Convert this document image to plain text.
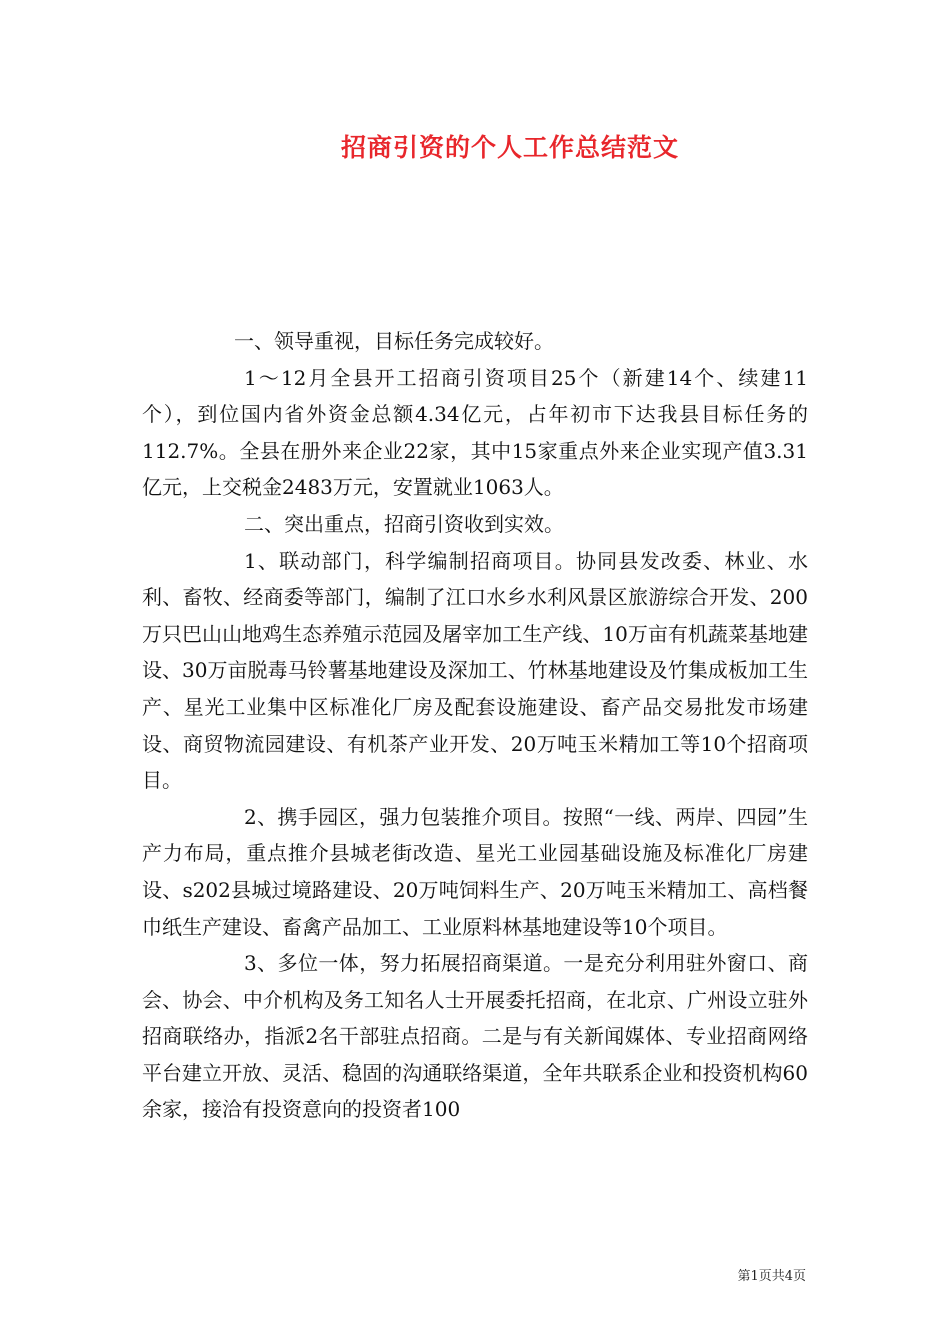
招商引资的个人工作总结范文

一、领导重视，目标任务完成较好。

1～12月全县开工招商引资项目25个（新建14个、续建11个），到位国内省外资金总额4.34亿元，占年初市下达我县目标任务的112.7%。全县在册外来企业22家，其中15家重点外来企业实现产值3.31亿元，上交税金2483万元，安置就业1063人。

二、突出重点，招商引资收到实效。

1、联动部门，科学编制招商项目。协同县发改委、林业、水利、畜牧、经商委等部门，编制了江口水乡水利风景区旅游综合开发、200万只巴山山地鸡生态养殖示范园及屠宰加工生产线、10万亩有机蔬菜基地建设、30万亩脱毒马铃薯基地建设及深加工、竹林基地建设及竹集成板加工生产、星光工业集中区标准化厂房及配套设施建设、畜产品交易批发市场建设、商贸物流园建设、有机茶产业开发、20万吨玉米精加工等10个招商项目。

2、携手园区，强力包装推介项目。按照“一线、两岸、四园”生产力布局，重点推介县城老街改造、星光工业园基础设施及标准化厂房建设、s202县城过境路建设、20万吨饲料生产、20万吨玉米精加工、高档餐巾纸生产建设、畜禽产品加工、工业原料林基地建设等10个项目。

3、多位一体，努力拓展招商渠道。一是充分利用驻外窗口、商会、协会、中介机构及务工知名人士开展委托招商，在北京、广州设立驻外招商联络办，指派2名干部驻点招商。二是与有关新闻媒体、专业招商网络平台建立开放、灵活、稳固的沟通联络渠道，全年共联系企业和投资机构60余家，接洽有投资意向的投资者100

第1页共4页
